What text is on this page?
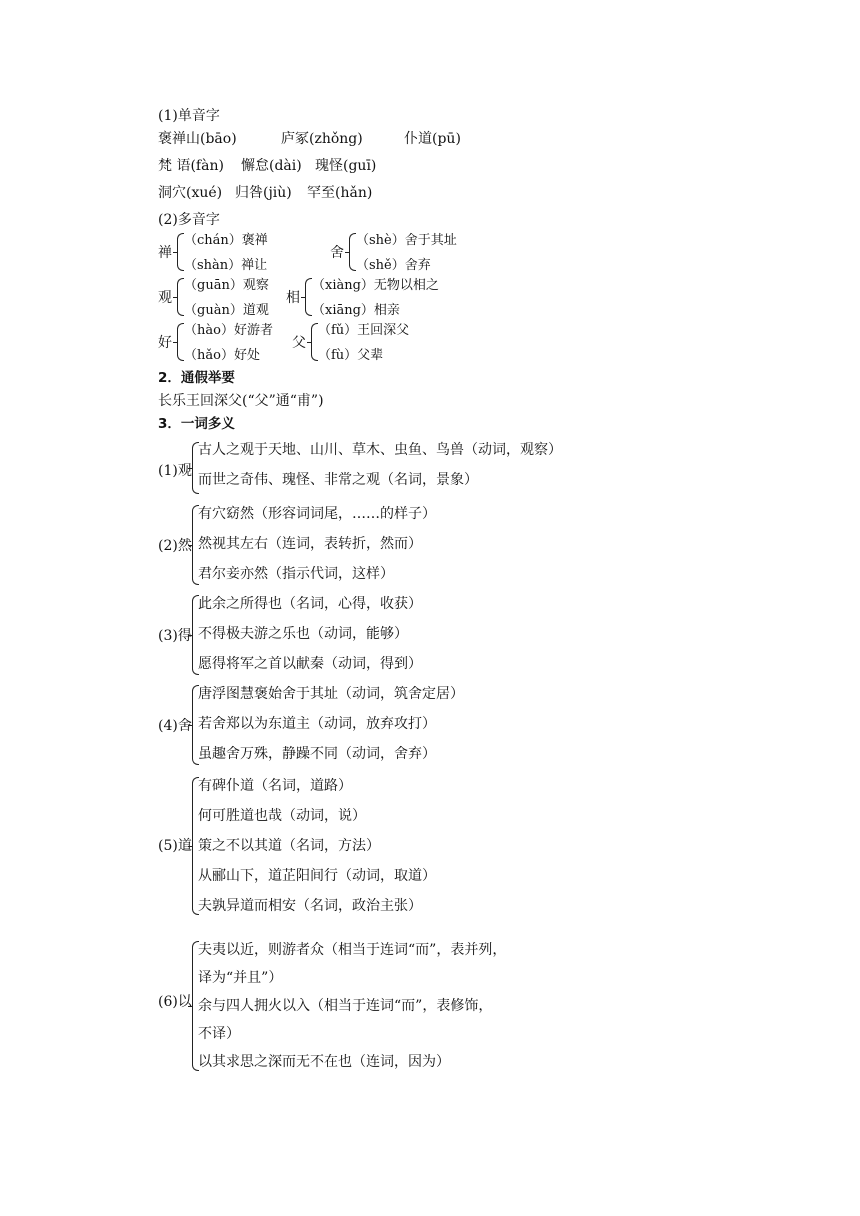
(1)单音字
褒禅山(bāo)	庐冢(zhǒng)	仆道(pū)
梵 语(fàn) 懈怠(dài) 瑰怪(guī)
洞穴(xué) 归咎(jiù) 罕至(hǎn)
(2)多音字
禅
（chán）褒禅
（shàn）禅让
舍
（shè）舍于其址
（shě）舍弃
观
（guān）观察
（guàn）道观
相
（xiàng）无物以相之
（xiāng）相亲
好
（hào）好游者
（hǎo）好处
父
（fǔ）王回深父
（fù）父辈
2．通假举要
长乐王回深父(“父”通“甫”)
3．一词多义
(1)观
古人之观于天地、山川、草木、虫鱼、鸟兽（动词，观察）
而世之奇伟、瑰怪、非常之观（名词，景象）
(2)然
有穴窈然（形容词词尾，……的样子）
然视其左右（连词，表转折，然而）
君尔妾亦然（指示代词，这样）
(3)得
此余之所得也（名词，心得，收获）
不得极夫游之乐也（动词，能够）
愿得将军之首以献秦（动词，得到）
(4)舍
唐浮图慧褒始舍于其址（动词，筑舍定居）
若舍郑以为东道主（动词，放弃攻打）
虽趣舍万殊，静躁不同（动词，舍弃）
(5)道
有碑仆道（名词，道路）
何可胜道也哉（动词，说）
策之不以其道（名词，方法）
从郦山下，道芷阳间行（动词，取道）
夫孰异道而相安（名词，政治主张）
(6)以
夫夷以近，则游者众（相当于连词“而”，表并列，
译为“并且”）
余与四人拥火以入（相当于连词“而”，表修饰，
不译）
以其求思之深而无不在也（连词，因为）
